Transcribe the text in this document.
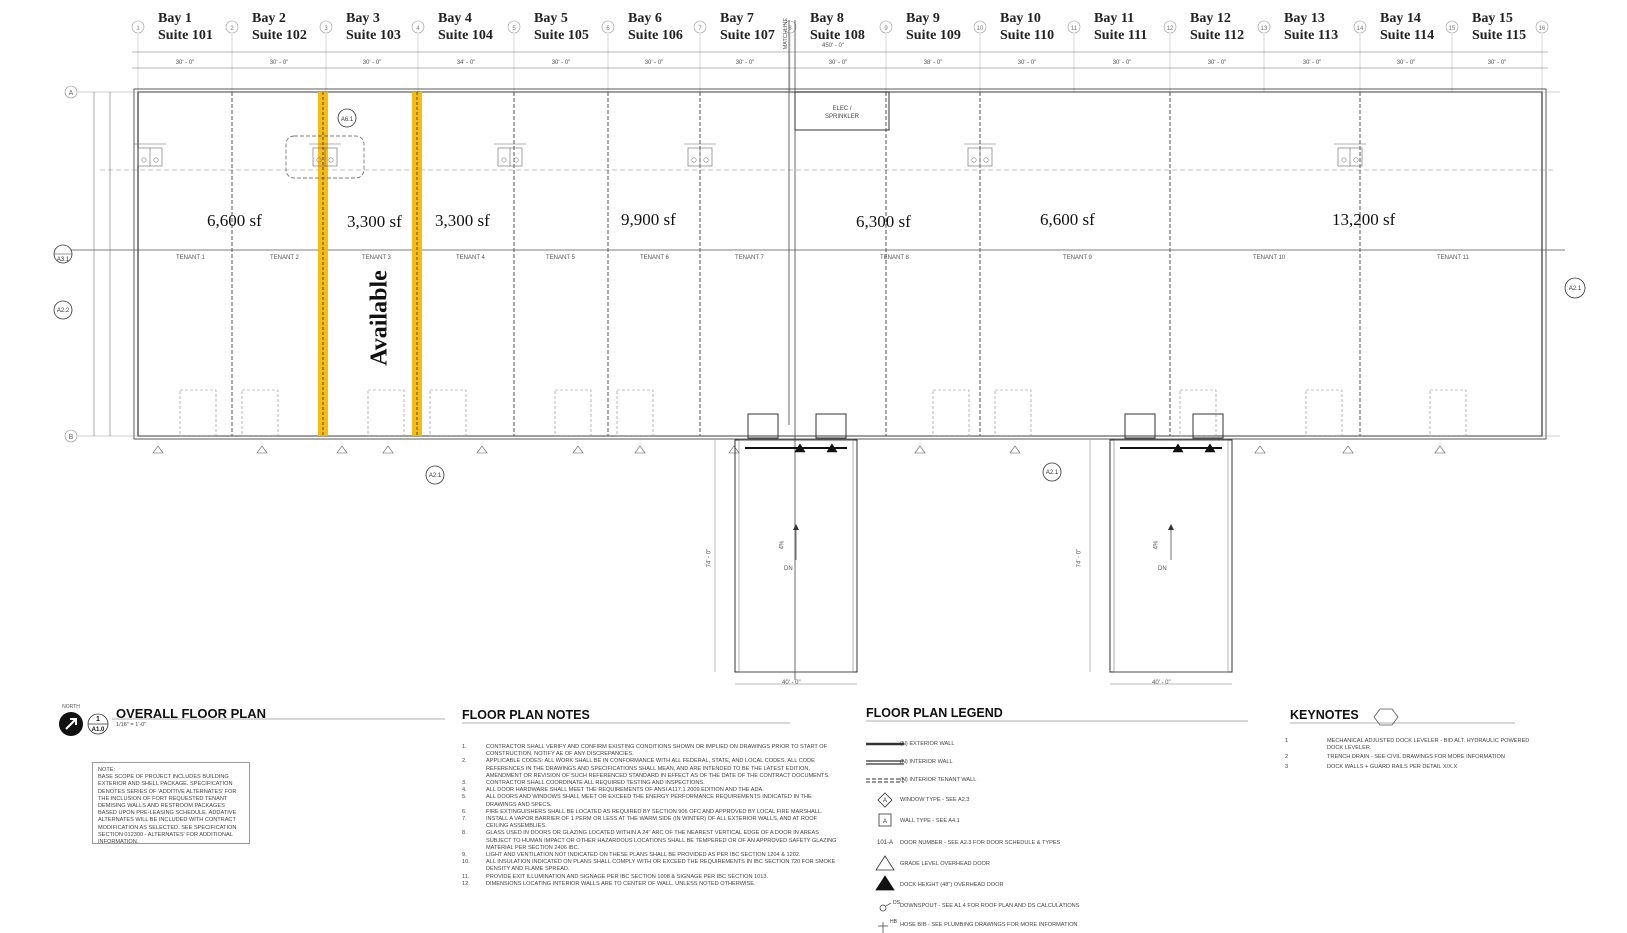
1	2	3	4	5	6	7	8	9	10	11	12	13	14	15	16
30' - 0"	30' - 0"	30' - 0"	34' - 0"	30' - 0"	30' - 0"	30' - 0"	30' - 0"	38' - 0"	30' - 0"	30' - 0"	30' - 0"	30' - 0"	30' - 0"	30' - 0"
A
B
MATCHLINE
ELEC /
SPRINKLER
A3.1
A2.2
A2.1
A2.1	A2.1
A6.1
A
A
101-A
DS
HB
NORTH
1
A1.0
Bay 1
Suite 101
Bay 2
Suite 102
Bay 3
Suite 103
Bay 4
Suite 104
Bay 5
Suite 105
Bay 6
Suite 106
Bay 7
Suite 107
Bay 8
Suite 108
Bay 9
Suite 109
Bay 10
Suite 110
Bay 11
Suite 111
Bay 12
Suite 112
Bay 13
Suite 113
Bay 14
Suite 114
Bay 15
Suite 115
450' - 0"
6,600 sf	3,300 sf 3,300 sf	9,900 sf	6,300 sf	6,600 sf	13,200 sf
TENANT 1	TENANT 2	TENANT 3	TENANT 4	TENANT 5	TENANT 6	TENANT 7	TENANT 8	TENANT 9	TENANT 10	TENANT 11
Available
40' - 0"	40' - 0"
74' - 0"	74' - 0"
4%	4%
DN	DN
OVERALL FLOOR PLAN
1/16" = 1'-0"
NOTE:
BASE SCOPE OF PROJECT INCLUDES BUILDING EXTERIOR AND SHELL PACKAGE. SPECIFICATION DENOTES SERIES OF 'ADDITIVE ALTERNATES' FOR THE INCLUSION OF FORT REQUESTED TENANT DEMISING WALLS AND RESTROOM PACKAGES BASED UPON PRE-LEASING SCHEDULE. ADDATIVE ALTERNATES WILL BE INCLUDED WITH CONTRACT MODIFICATION AS SELECTED. SEE SPECIFICATION SECTION 012300 - ALTERNATES' FOR ADDITIONAL INFORMATION.
FLOOR PLAN NOTES
1.	CONTRACTOR SHALL VERIFY AND CONFIRM EXISTING CONDITIONS SHOWN OR IMPLIED ON DRAWINGS PRIOR TO START OF CONSTRUCTION. NOTIFY AE OF ANY DISCREPANCIES.
2.	APPLICABLE CODES: ALL WORK SHALL BE IN CONFORMANCE WITH ALL FEDERAL, STATE, AND LOCAL CODES. ALL CODE REFERENCES IN THE DRAWINGS AND SPECIFICATIONS SHALL MEAN, AND ARE INTENDED TO BE THE LATEST EDITION, AMENDMENT OR REVISION OF SUCH REFERENCED STANDARD IN EFFECT AS OF THE DATE OF THE CONTRACT DOCUMENTS.
3.	CONTRACTOR SHALL COORDINATE ALL REQUIRED TESTING AND INSPECTIONS.
4.	ALL DOOR HARDWARE SHALL MEET THE REQUIREMENTS OF ANSI A117.1 2009 EDITION AND THE ADA.
5.	ALL DOORS AND WINDOWS SHALL MEET OR EXCEED THE ENERGY PERFORMANCE REQUIREMENTS INDICATED IN THE DRAWINGS AND SPECS.
6.	FIRE EXTINGUISHERS SHALL BE LOCATED AS REQUIRED BY SECTION 906 OFC AND APPROVED BY LOCAL FIRE MARSHALL.
7.	INSTALL A VAPOR BARRIER OF 1 PERM OR LESS AT THE WARM SIDE (IN WINTER) OF ALL EXTERIOR WALLS, AND AT ROOF CEILING ASSEMBLIES.
8.	GLASS USED IN DOORS OR GLAZING LOCATED WITHIN A 24" ARC OF THE NEAREST VERTICAL EDGE OF A DOOR IN AREAS SUBJECT TO HUMAN IMPACT OR OTHER HAZARDOUS LOCATIONS SHALL BE TEMPERED OR OF AN APPROVED SAFETY GLAZING MATERIAL PER SECTION 2406 IBC.
9.	LIGHT AND VENTILATION NOT INDICATED ON THESE PLANS SHALL BE PROVIDED AS PER IBC SECTION 1204 & 1202.
10.	ALL INSULATION INDICATED ON PLANS SHALL COMPLY WITH OR EXCEED THE REQUIREMENTS IN IBC SECTION 720 FOR SMOKE DENSITY AND FLAME SPREAD.
11.	PROVIDE EXIT ILLUMINATION AND SIGNAGE PER IBC SECTION 1008 & SIGNAGE PER IBC SECTION 1013.
12.	DIMENSIONS LOCATING INTERIOR WALLS ARE TO CENTER OF WALL, UNLESS NOTED OTHERWISE.
FLOOR PLAN LEGEND
(N) EXTERIOR WALL
(N) INTERIOR WALL
(N) INTERIOR TENANT WALL
WINDOW TYPE - SEE A2.3
WALL TYPE - SEE A4.1
DOOR NUMBER - SEE A2.3 FOR DOOR SCHEDULE & TYPES
GRADE LEVEL OVERHEAD DOOR
DOCK HEIGHT (48") OVERHEAD DOOR
DOWNSPOUT - SEE A1.4 FOR ROOF PLAN AND DS CALCULATIONS
HOSE BIB - SEE PLUMBING DRAWINGS FOR MORE INFORMATION
KEYNOTES
1	MECHANICAL ADJUSTED DOCK LEVELER - BID ALT. HYDRAULIC POWERED DOCK LEVELER.
2	TRENCH DRAIN - SEE CIVIL DRAWINGS FOR MORE INFORMATION
3	DOCK WALLS + GUARD RAILS PER DETAIL X/X.X
